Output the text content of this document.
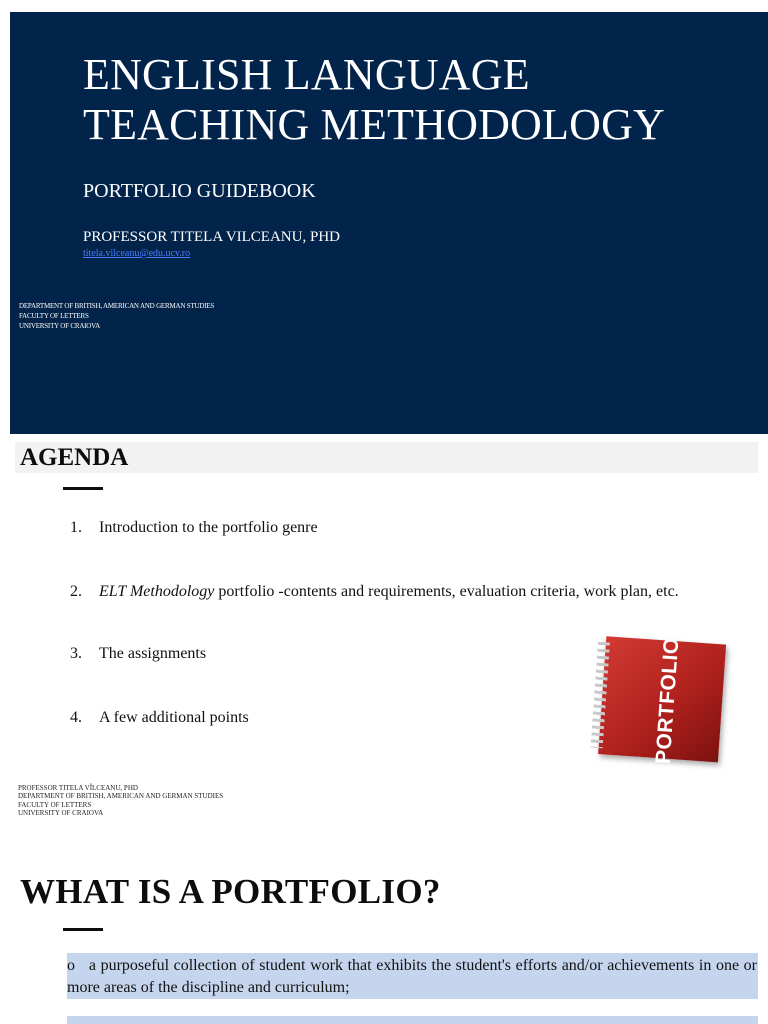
ENGLISH LANGUAGE
TEACHING METHODOLOGY
PORTFOLIO GUIDEBOOK
PROFESSOR TITELA VILCEANU, PHD
titela.vilceanu@edu.ucv.ro
DEPARTMENT OF BRITISH, AMERICAN AND GERMAN STUDIES
FACULTY OF LETTERS
UNIVERSITY OF CRAIOVA
AGENDA
1. Introduction to the portfolio genre
2. ELT Methodology portfolio -contents and requirements, evaluation criteria, work plan, etc.
3. The assignments
4. A few additional points	PORTFOLIO
PROFESSOR TITELA VÎLCEANU, PHD
DEPARTMENT OF BRITISH, AMERICAN AND GERMAN STUDIES
FACULTY OF LETTERS
UNIVERSITY OF CRAIOVA
WHAT IS A PORTFOLIO?

o a purposeful collection of student work that exhibits the student's efforts and/or achievements in one or more areas of the discipline and curriculum;
